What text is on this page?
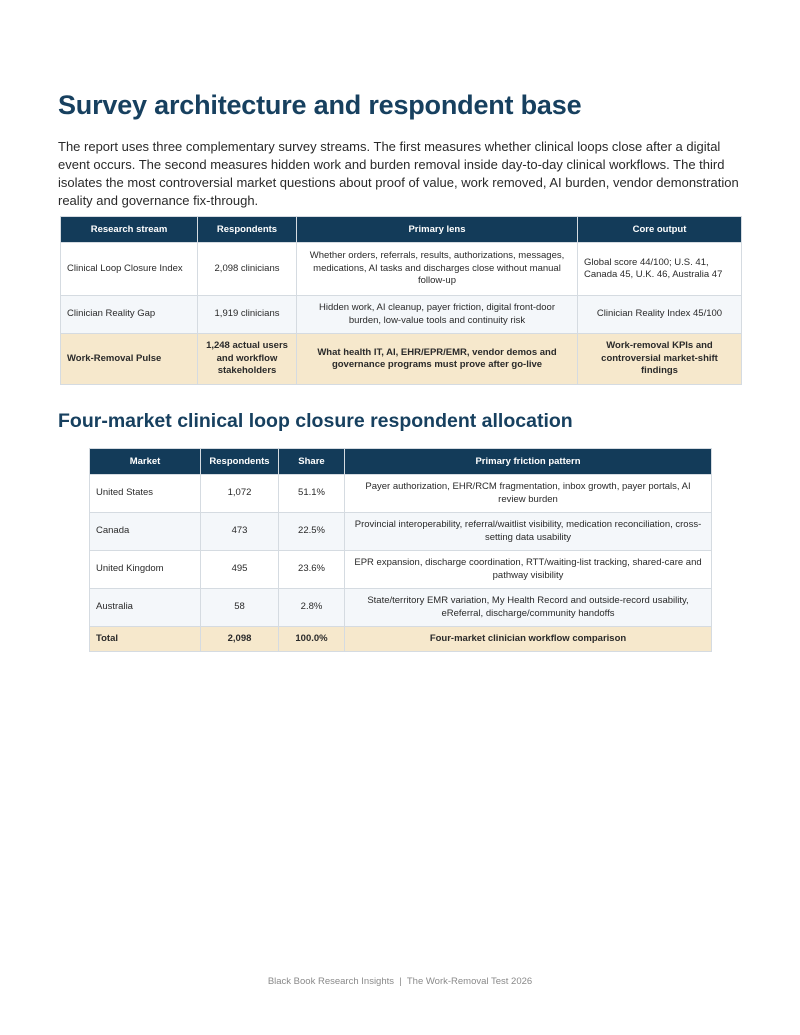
Survey architecture and respondent base

The report uses three complementary survey streams. The first measures whether clinical loops close after a digital event occurs. The second measures hidden work and burden removal inside day-to-day clinical workflows. The third isolates the most controversial market questions about proof of value, work removed, AI burden, vendor demonstration reality and governance fix-through.

Research stream	Respondents	Primary lens	Core output
Clinical Loop Closure Index	2,098 clinicians	Whether orders, referrals, results, authorizations, messages, medications, AI tasks and discharges close without manual follow-up	Global score 44/100; U.S. 41, Canada 45, U.K. 46, Australia 47
Clinician Reality Gap	1,919 clinicians	Hidden work, AI cleanup, payer friction, digital front-door burden, low-value tools and continuity risk	Clinician Reality Index 45/100
Work-Removal Pulse	1,248 actual users and workflow stakeholders	What health IT, AI, EHR/EPR/EMR, vendor demos and governance programs must prove after go-live	Work-removal KPIs and controversial market-shift findings
Four-market clinical loop closure respondent allocation
Market	Respondents	Share	Primary friction pattern
United States	1,072	51.1%	Payer authorization, EHR/RCM fragmentation, inbox growth, payer portals, AI review burden
Canada	473	22.5%	Provincial interoperability, referral/waitlist visibility, medication reconciliation, cross-setting data usability
United Kingdom	495	23.6%	EPR expansion, discharge coordination, RTT/waiting-list tracking, shared-care and pathway visibility
Australia	58	2.8%	State/territory EMR variation, My Health Record and outside-record usability, eReferral, discharge/community handoffs
Total	2,098	100.0%	Four-market clinician workflow comparison
Black Book Research Insights  |  The Work-Removal Test 2026
